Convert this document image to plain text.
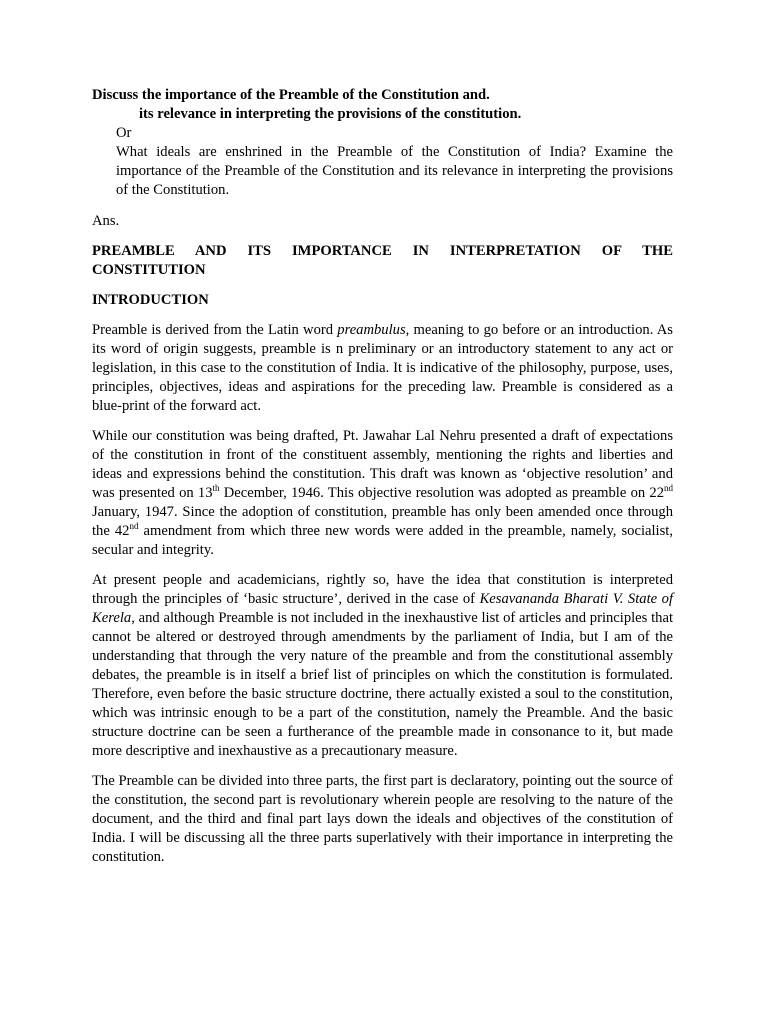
Discuss the importance of the Preamble of the Constitution and.

its relevance in interpreting the provisions of the constitution.

Or

What ideals are enshrined in the Preamble of the Constitution of India? Examine the importance of the Preamble of the Constitution and its relevance in interpreting the provisions of the Constitution.

Ans.

PREAMBLE AND ITS IMPORTANCE IN INTERPRETATION OF THE
CONSTITUTION

INTRODUCTION

Preamble is derived from the Latin word preambulus, meaning to go before or an introduction. As its word of origin suggests, preamble is n preliminary or an introductory statement to any act or legislation, in this case to the constitution of India. It is indicative of the philosophy, purpose, uses, principles, objectives, ideas and aspirations for the preceding law. Preamble is considered as a blue-print of the forward act.

While our constitution was being drafted, Pt. Jawahar Lal Nehru presented a draft of expectations of the constitution in front of the constituent assembly, mentioning the rights and liberties and ideas and expressions behind the constitution. This draft was known as ‘objective resolution’ and was presented on 13th December, 1946. This objective resolution was adopted as preamble on 22nd January, 1947. Since the adoption of constitution, preamble has only been amended once through the 42nd amendment from which three new words were added in the preamble, namely, socialist, secular and integrity.

At present people and academicians, rightly so, have the idea that constitution is interpreted through the principles of ‘basic structure’, derived in the case of Kesavananda Bharati V. State of Kerela, and although Preamble is not included in the inexhaustive list of articles and principles that cannot be altered or destroyed through amendments by the parliament of India, but I am of the understanding that through the very nature of the preamble and from the constitutional assembly debates, the preamble is in itself a brief list of principles on which the constitution is formulated. Therefore, even before the basic structure doctrine, there actually existed a soul to the constitution, which was intrinsic enough to be a part of the constitution, namely the Preamble. And the basic structure doctrine can be seen a furtherance of the preamble made in consonance to it, but made more descriptive and inexhaustive as a precautionary measure.

The Preamble can be divided into three parts, the first part is declaratory, pointing out the source of the constitution, the second part is revolutionary wherein people are resolving to the nature of the document, and the third and final part lays down the ideals and objectives of the constitution of India. I will be discussing all the three parts superlatively with their importance in interpreting the constitution.
